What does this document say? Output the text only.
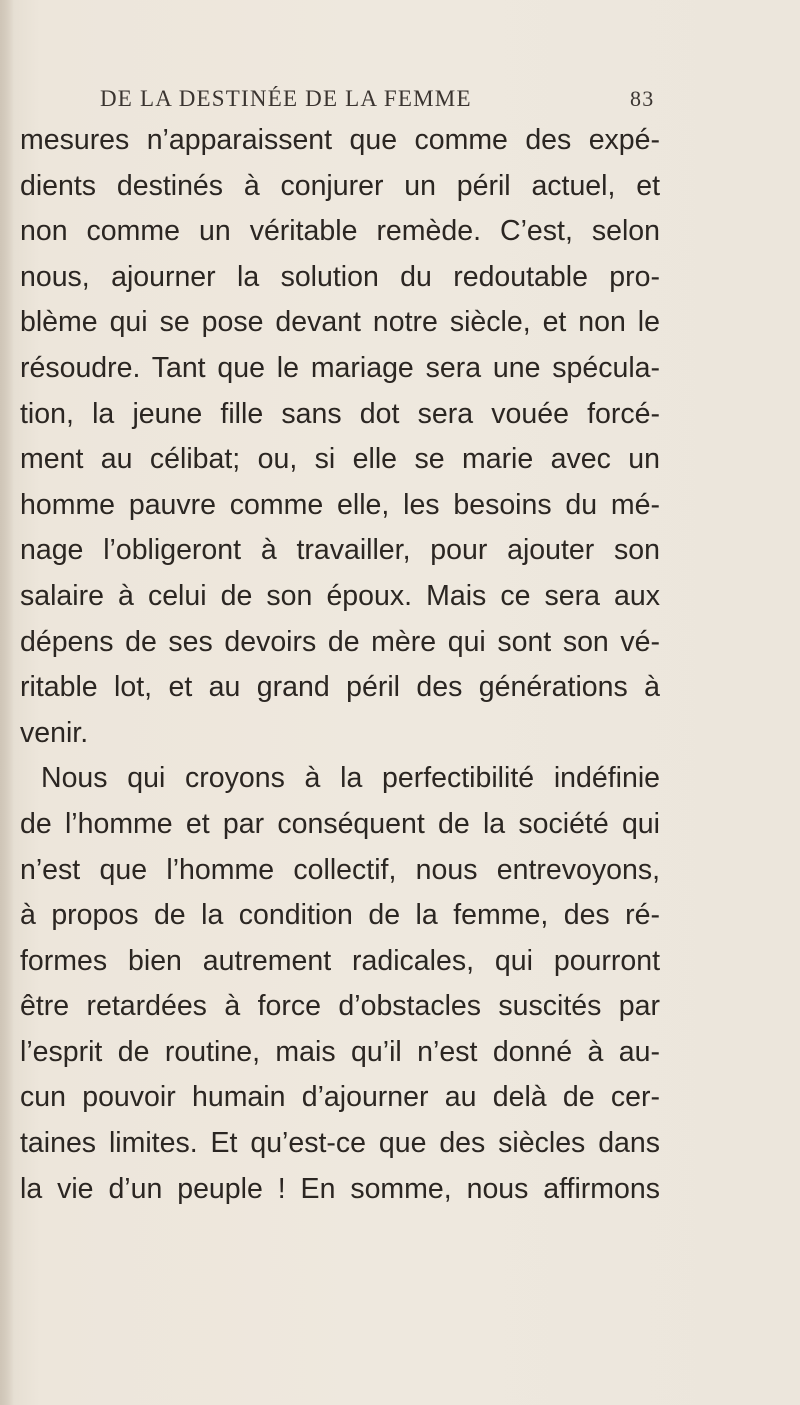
DE LA DESTINÉE DE LA FEMME	83
mesures n’apparaissent que comme des expé-
dients destinés à conjurer un péril actuel, et
non comme un véritable remède. C’est, selon
nous, ajourner la solution du redoutable pro-
blème qui se pose devant notre siècle, et non le
résoudre. Tant que le mariage sera une spécula-
tion, la jeune fille sans dot sera vouée forcé-
ment au célibat; ou, si elle se marie avec un
homme pauvre comme elle, les besoins du mé-
nage l’obligeront à travailler, pour ajouter son
salaire à celui de son époux. Mais ce sera aux
dépens de ses devoirs de mère qui sont son vé-
ritable lot, et au grand péril des générations à
venir.
Nous qui croyons à la perfectibilité indéfinie
de l’homme et par conséquent de la société qui
n’est que l’homme collectif, nous entrevoyons,
à propos de la condition de la femme, des ré-
formes bien autrement radicales, qui pourront
être retardées à force d’obstacles suscités par
l’esprit de routine, mais qu’il n’est donné à au-
cun pouvoir humain d’ajourner au delà de cer-
taines limites. Et qu’est-ce que des siècles dans
la vie d’un peuple ! En somme, nous affirmons
